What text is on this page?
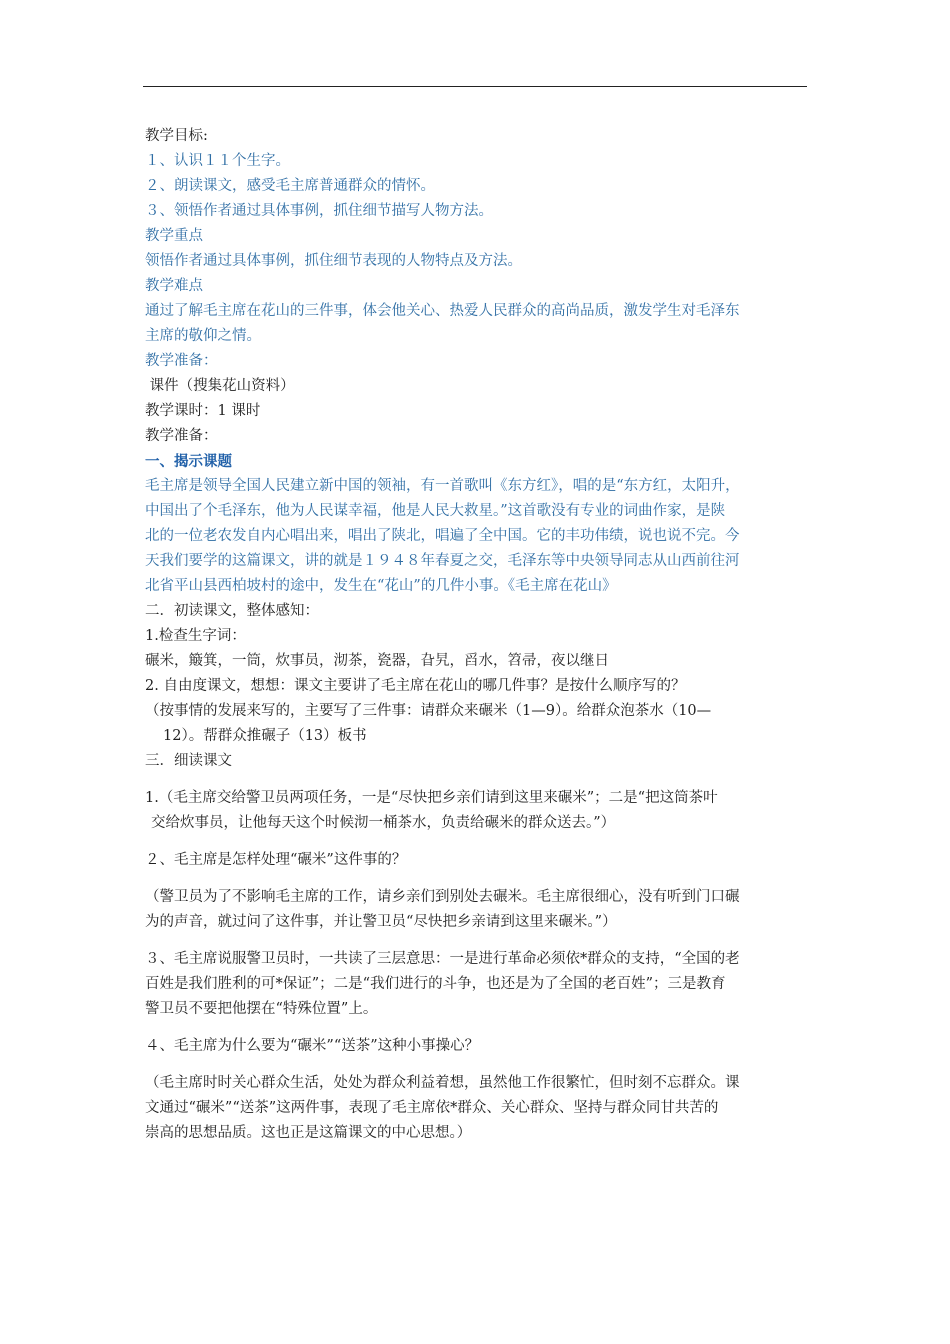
教学目标:
１、认识１１个生字。
２、朗读课文，感受毛主席普通群众的情怀。
３、领悟作者通过具体事例，抓住细节描写人物方法。
教学重点
领悟作者通过具体事例，抓住细节表现的人物特点及方法。
教学难点
通过了解毛主席在花山的三件事，体会他关心、热爱人民群众的高尚品质，激发学生对毛泽东
主席的敬仰之情。
教学准备：
课件（搜集花山资料）
教学课时：1 课时
教学准备：
一、揭示课题
毛主席是领导全国人民建立新中国的领袖，有一首歌叫《东方红》，唱的是“东方红，太阳升，
中国出了个毛泽东，他为人民谋幸福，他是人民大救星。”这首歌没有专业的词曲作家，是陕
北的一位老农发自内心唱出来，唱出了陕北，唱遍了全中国。它的丰功伟绩，说也说不完。今
天我们要学的这篇课文，讲的就是１９４８年春夏之交，毛泽东等中央领导同志从山西前往河
北省平山县西柏坡村的途中，发生在“花山”的几件小事。《毛主席在花山》
二．初读课文，整体感知：
1.检查生字词：
碾米，簸箕，一筒，炊事员，沏茶，瓷器，旮旯，舀水，笤帚，夜以继日
2. 自由度课文，想想：课文主要讲了毛主席在花山的哪几件事？是按什么顺序写的？
（按事情的发展来写的，主要写了三件事：请群众来碾米（1—9）。给群众泡茶水（10—
12）。帮群众推碾子（13）板书
三．细读课文
1.（毛主席交给警卫员两项任务，一是“尽快把乡亲们请到这里来碾米”；二是“把这筒茶叶
交给炊事员，让他每天这个时候沏一桶茶水，负责给碾米的群众送去。”）
２、毛主席是怎样处理“碾米”这件事的？
（警卫员为了不影响毛主席的工作，请乡亲们到别处去碾米。毛主席很细心，没有听到门口碾
为的声音，就过问了这件事，并让警卫员“尽快把乡亲请到这里来碾米。”）
３、毛主席说服警卫员时，一共读了三层意思：一是进行革命必须依*群众的支持，“全国的老
百姓是我们胜利的可*保证”；二是“我们进行的斗争，也还是为了全国的老百姓”；三是教育
警卫员不要把他摆在“特殊位置”上。
４、毛主席为什么要为“碾米”“送茶”这种小事操心？
（毛主席时时关心群众生活，处处为群众利益着想，虽然他工作很繁忙，但时刻不忘群众。课
文通过“碾米”“送茶”这两件事，表现了毛主席依*群众、关心群众、坚持与群众同甘共苦的
崇高的思想品质。这也正是这篇课文的中心思想。）
